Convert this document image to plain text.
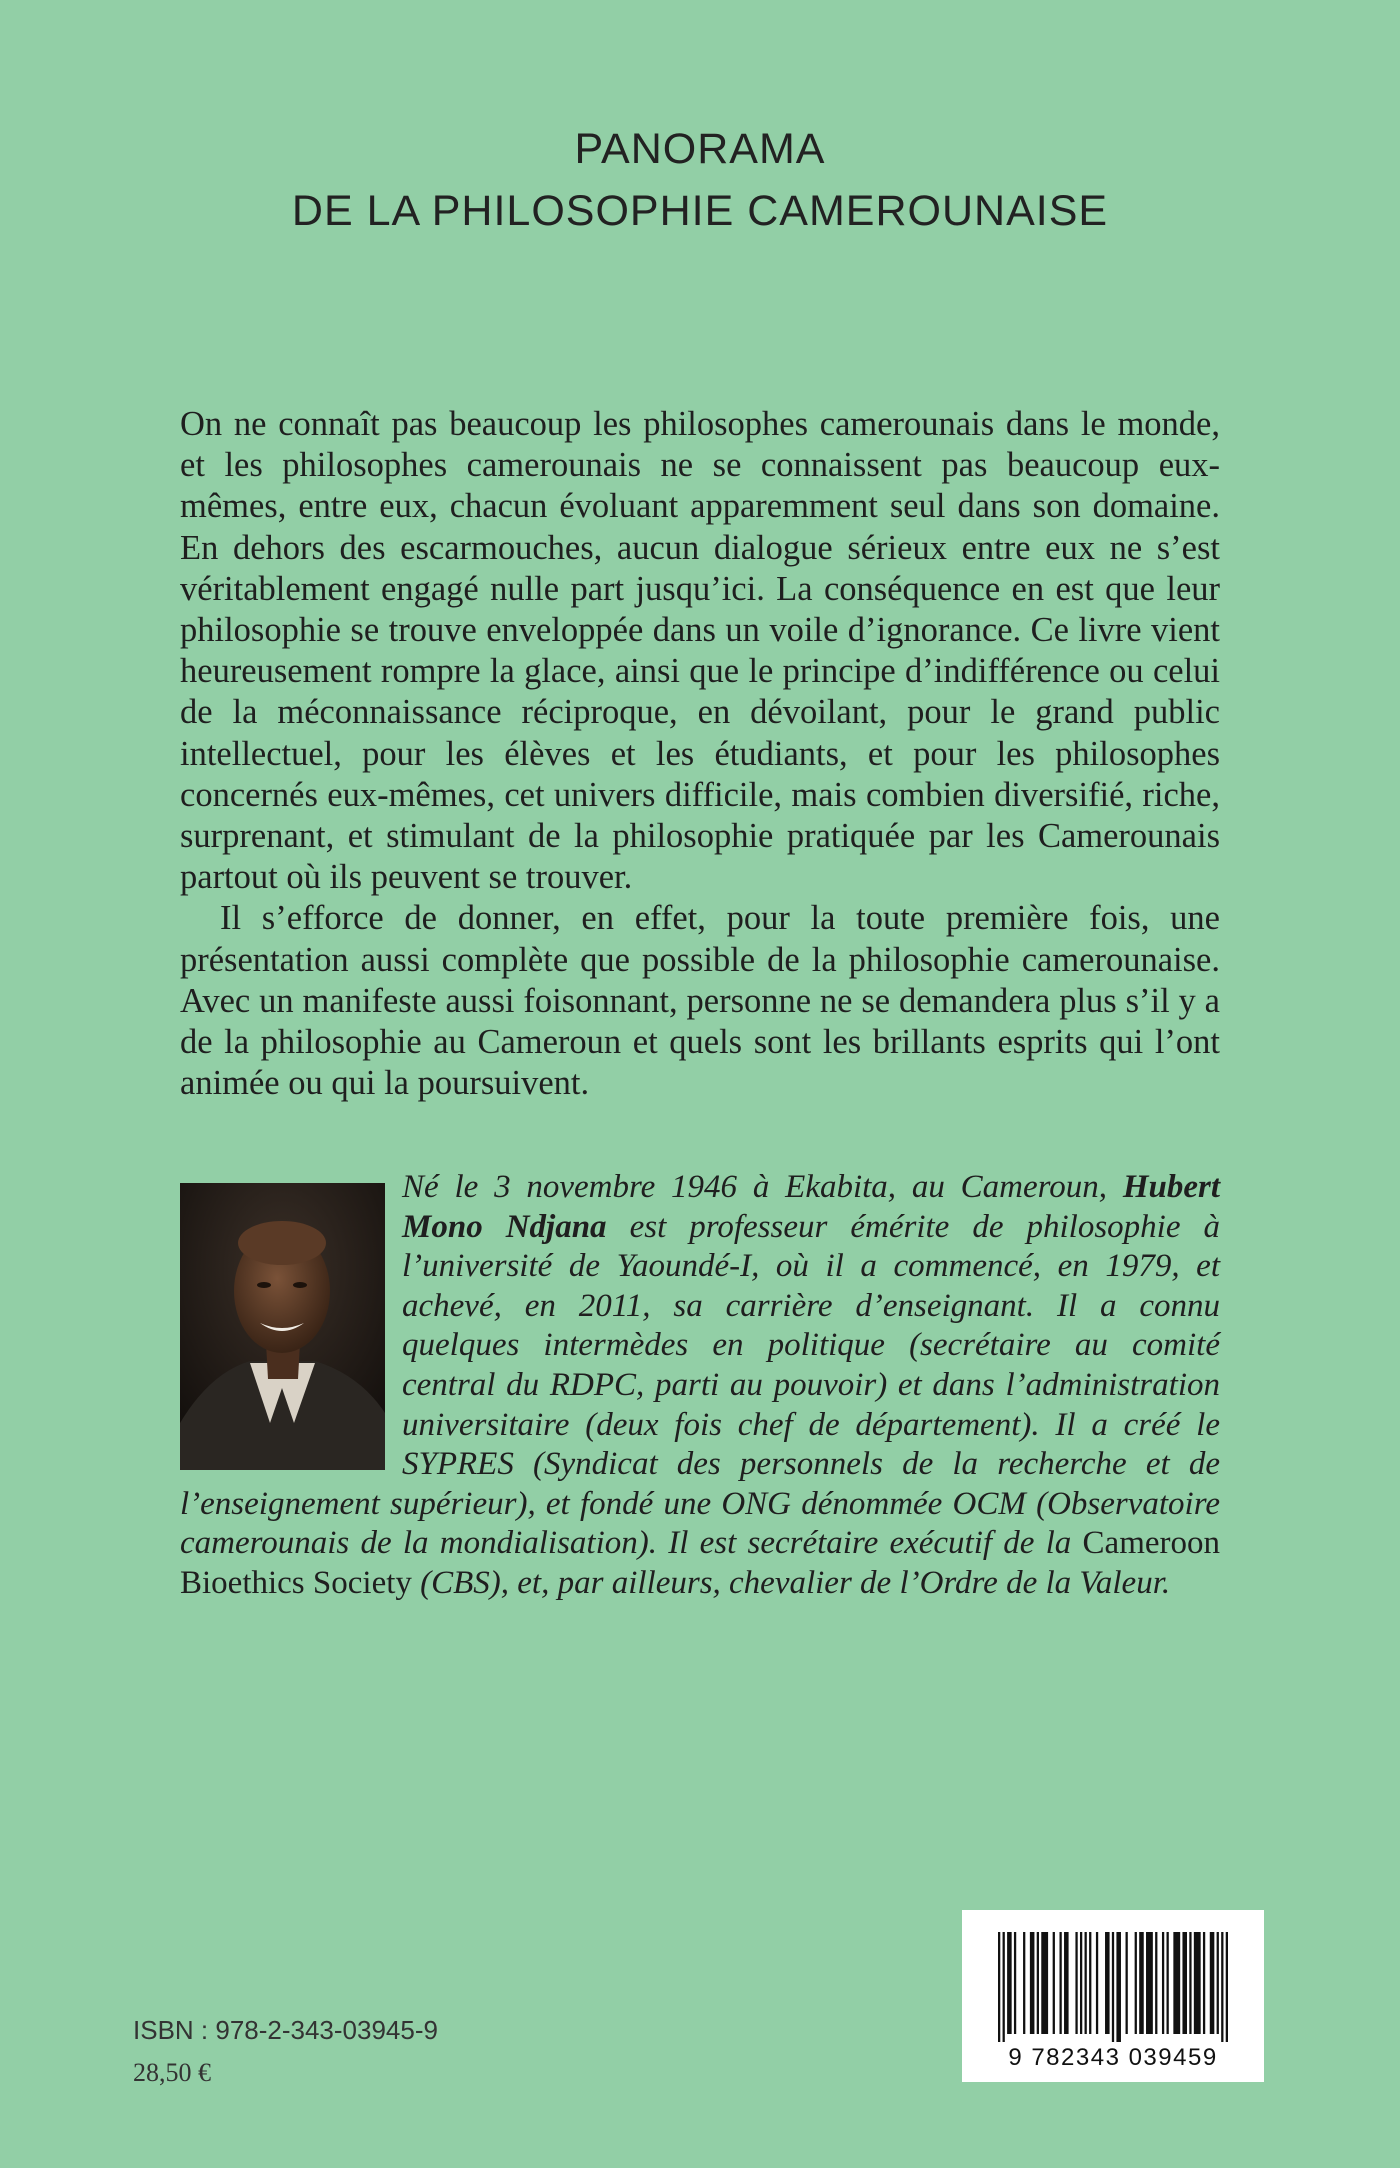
PANORAMA
DE LA PHILOSOPHIE CAMEROUNAISE

On ne connaît pas beaucoup les philosophes camerounais dans le monde, et les philosophes camerounais ne se connaissent pas beaucoup eux-mêmes, entre eux, chacun évoluant apparemment seul dans son domaine. En dehors des escarmouches, aucun dialogue sérieux entre eux ne s’est véritablement engagé nulle part jusqu’ici. La conséquence en est que leur philosophie se trouve enveloppée dans un voile d’ignorance. Ce livre vient heureusement rompre la glace, ainsi que le principe d’indifférence ou celui de la méconnaissance réciproque, en dévoilant, pour le grand public intellectuel, pour les élèves et les étudiants, et pour les philosophes concernés eux-mêmes, cet univers difficile, mais combien diversifié, riche, surprenant, et stimulant de la philosophie pratiquée par les Camerounais partout où ils peuvent se trouver.

Il s’efforce de donner, en effet, pour la toute première fois, une présentation aussi complète que possible de la philosophie camerounaise. Avec un manifeste aussi foisonnant, personne ne se demandera plus s’il y a de la philosophie au Cameroun et quels sont les brillants esprits qui l’ont animée ou qui la poursuivent.

Né le 3 novembre 1946 à Ekabita, au Cameroun, Hubert Mono Ndjana est professeur émérite de philosophie à l’université de Yaoundé-I, où il a commencé, en 1979, et achevé, en 2011, sa carrière d’enseignant. Il a connu quelques intermèdes en politique (secrétaire au comité central du RDPC, parti au pouvoir) et dans l’administration universitaire (deux fois chef de département). Il a créé le SYPRES (Syndicat des personnels de la recherche et de l’enseignement supérieur), et fondé une ONG dénommée OCM (Observatoire camerounais de la mondialisation). Il est secrétaire exécutif de la Cameroon Bioethics Society (CBS), et, par ailleurs, chevalier de l’Ordre de la Valeur.
ISBN : 978-2-343-03945-9
28,50 €
9 782343 039459
